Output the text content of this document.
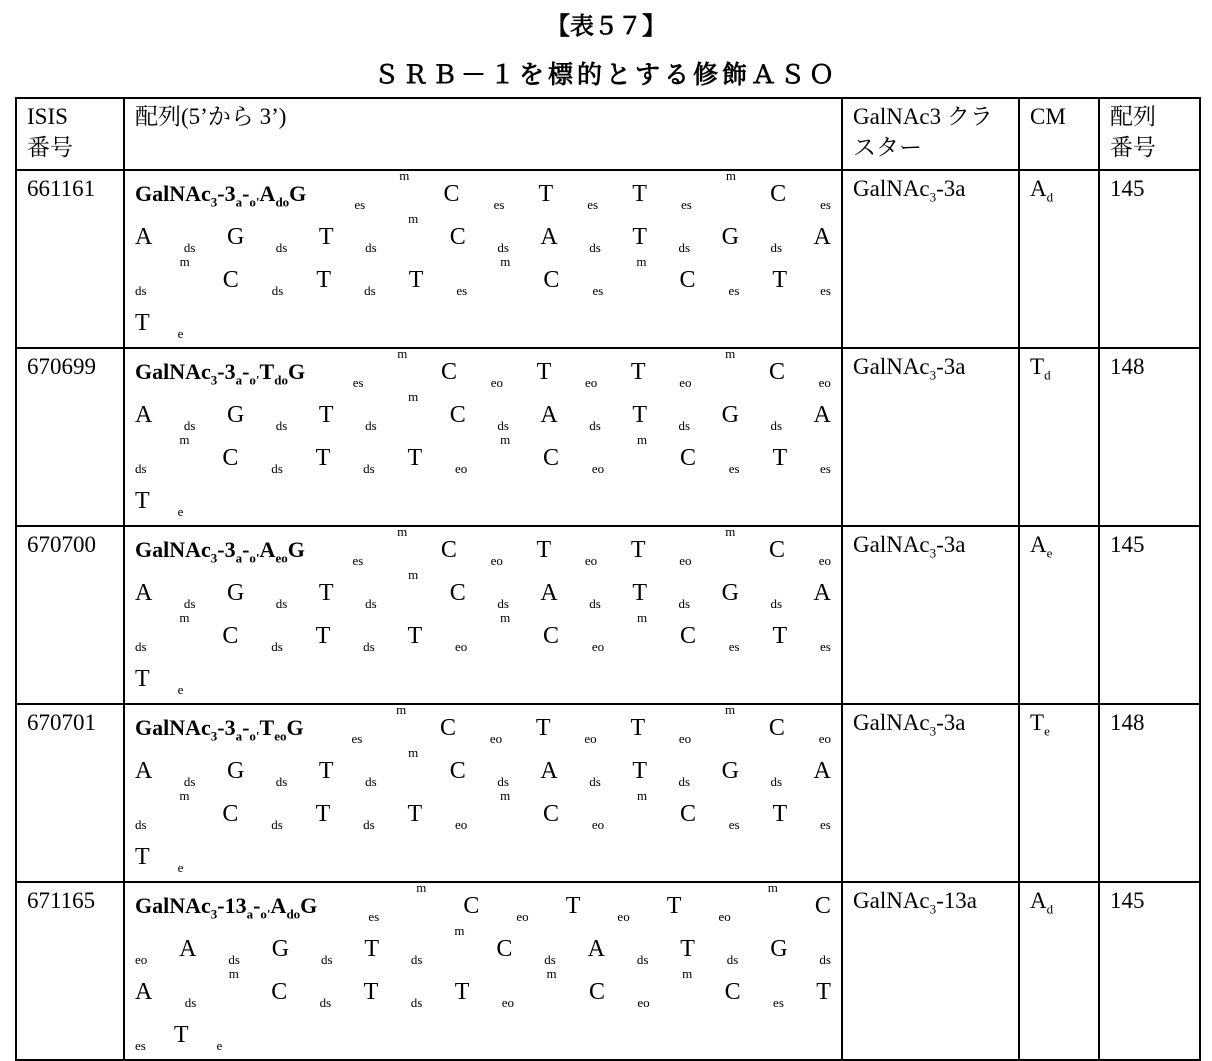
【表５７】
ＳＲＢ－１を標的とする修飾ＡＳＯ
ISIS 番号
	配列(5’から 3’)	GalNAc3 クラスター
	CM	配列 番号

661161	GalNAc3-3a-o'AdoG	es
m
C	es T	es T	es
m
C	es
A ds G ds T ds
m
C ds A ds T ds G ds A
ds
m
C	ds T	ds T	es
m
C	es
m
C	es T	es
T e
	GalNAc3-3a	Ad	145
670699	GalNAc3-3a-o'TdoG	es
m
C	eo T	eo T	eo
m
C	eo
A ds G ds T ds
m
C ds A ds T ds G ds A
ds
m
C	ds T	ds T	eo
m
C	eo
m
C	es T	es
T e
	GalNAc3-3a	Td	148
670700	GalNAc3-3a-o'AeoG	es
m
C	eo T	eo T	eo
m
C	eo
A ds G ds T ds
m
C ds A ds T ds G ds A
ds
m
C	ds T	ds T	eo
m
C	eo
m
C	es T	es
T e
	GalNAc3-3a	Ae	145
670701	GalNAc3-3a-o'TeoG	es
m
C	eo T	eo T	eo
m
C	eo
A ds G ds T ds
m
C ds A ds T ds G ds A
ds
m
C	ds T	ds T	eo
m
C	eo
m
C	es T	es
T e
	GalNAc3-3a	Te	148
671165	GalNAc3-13a-o'AdoG	es
m
C	eo T	eo T	eo
m
C
eo A ds G ds T ds
m
C ds A ds T ds G ds
A ds
m
C ds T ds T eo
m
C eo
m
C es T
es T e
	GalNAc3-13a	Ad	145
